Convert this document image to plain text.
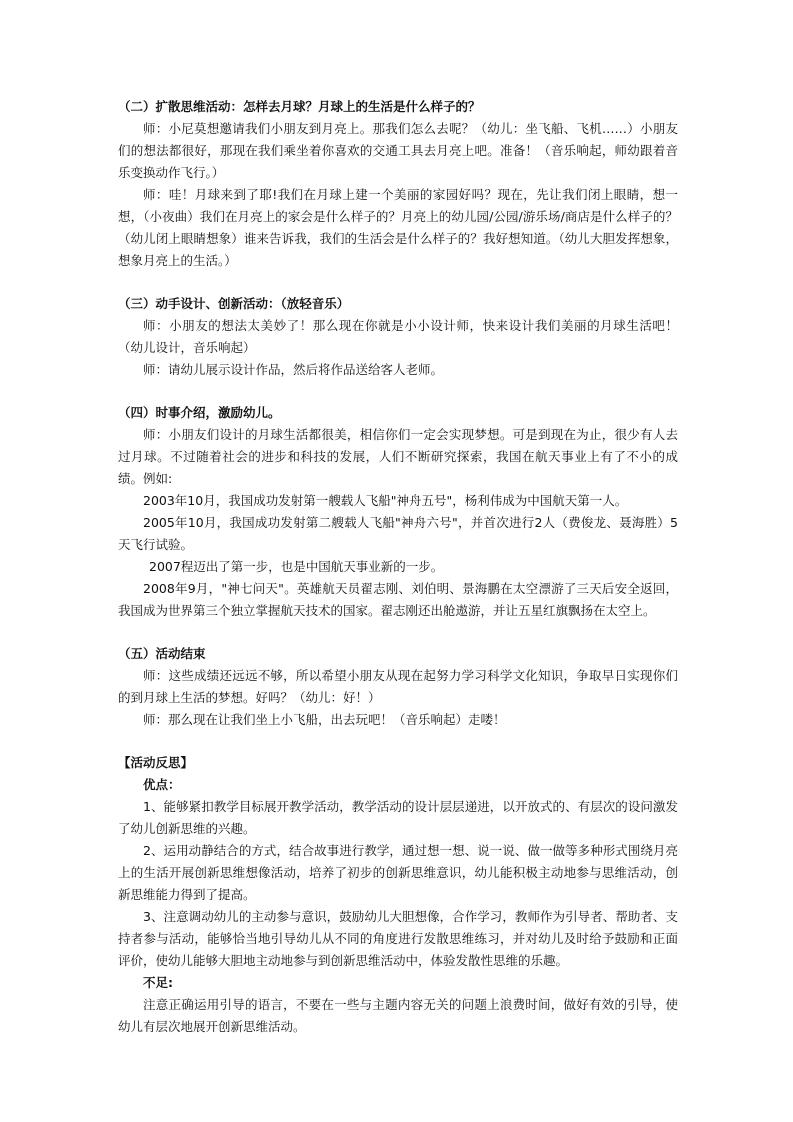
（二）扩散思维活动：怎样去月球？月球上的生活是什么样子的？

师：小尼莫想邀请我们小朋友到月亮上。那我们怎么去呢？（幼儿：坐飞船、飞机……）小朋友们的想法都很好，那现在我们乘坐着你喜欢的交通工具去月亮上吧。准备！（音乐响起，师幼跟着音乐变换动作飞行。）

师：哇！月球来到了耶!我们在月球上建一个美丽的家园好吗？现在，先让我们闭上眼睛，想一想，（小夜曲）我们在月亮上的家会是什么样子的？月亮上的幼儿园/公园/游乐场/商店是什么样子的？（幼儿闭上眼睛想象）谁来告诉我，我们的生活会是什么样子的？我好想知道。（幼儿大胆发挥想象，想象月亮上的生活。）

（三）动手设计、创新活动：（放轻音乐）

师：小朋友的想法太美妙了！那么现在你就是小小设计师，快来设计我们美丽的月球生活吧！（幼儿设计，音乐响起）

师：请幼儿展示设计作品，然后将作品送给客人老师。

（四）时事介绍，激励幼儿。

师：小朋友们设计的月球生活都很美，相信你们一定会实现梦想。可是到现在为止，很少有人去过月球。不过随着社会的进步和科技的发展，人们不断研究探索，我国在航天事业上有了不小的成绩。例如:

2003年10月，我国成功发射第一艘载人飞船"神舟五号"，杨利伟成为中国航天第一人。

2005年10月，我国成功发射第二艘载人飞船"神舟六号"，并首次进行2人（费俊龙、聂海胜）5天飞行试验。

2007程迈出了第一步，也是中国航天事业新的一步。

2008年9月，"神七问天"。英雄航天员翟志刚、刘伯明、景海鹏在太空漂游了三天后安全返回，我国成为世界第三个独立掌握航天技术的国家。翟志刚还出舱遨游，并让五星红旗飘扬在太空上。

（五）活动结束

师：这些成绩还远远不够，所以希望小朋友从现在起努力学习科学文化知识，争取早日实现你们的到月球上生活的梦想。好吗？（幼儿：好！）

师：那么现在让我们坐上小飞船，出去玩吧！（音乐响起）走喽！

【活动反思】

优点：

1、能够紧扣教学目标展开教学活动，教学活动的设计层层递进，以开放式的、有层次的设问激发了幼儿创新思维的兴趣。

2、运用动静结合的方式，结合故事进行教学，通过想一想、说一说、做一做等多种形式围绕月亮上的生活开展创新思维想像活动，培养了初步的创新思维意识，幼儿能积极主动地参与思维活动，创新思维能力得到了提高。

3、注意调动幼儿的主动参与意识，鼓励幼儿大胆想像，合作学习，教师作为引导者、帮助者、支持者参与活动，能够恰当地引导幼儿从不同的角度进行发散思维练习，并对幼儿及时给予鼓励和正面评价，使幼儿能够大胆地主动地参与到创新思维活动中，体验发散性思维的乐趣。

不足:

注意正确运用引导的语言，不要在一些与主题内容无关的问题上浪费时间，做好有效的引导，使幼儿有层次地展开创新思维活动。
